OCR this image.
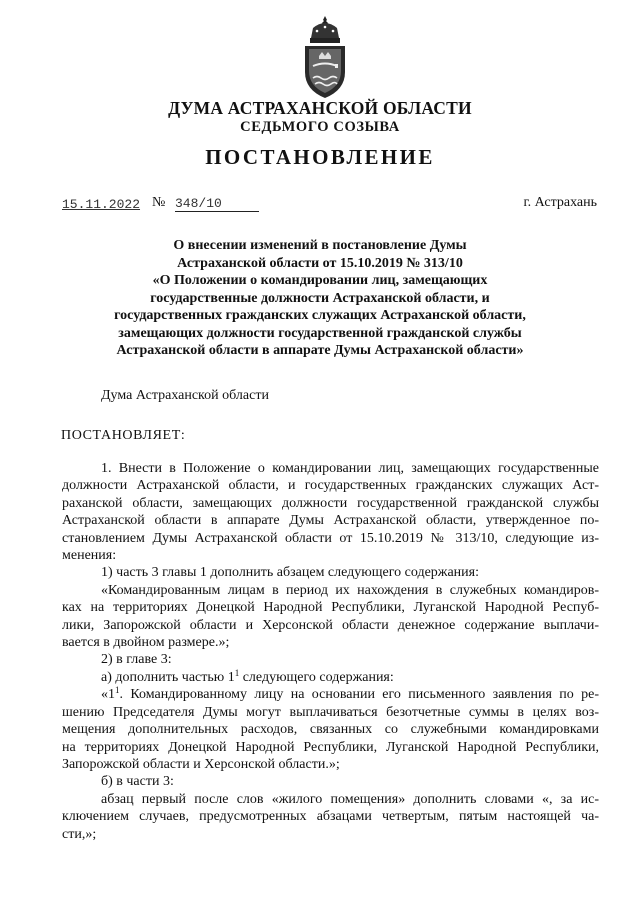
ДУМА АСТРАХАНСКОЙ ОБЛАСТИ
СЕДЬМОГО СОЗЫВА
ПОСТАНОВЛЕНИЕ
15.11.2022 № 348/10	г. Астрахань
О внесении изменений в постановление Думы
Астраханской области от 15.10.2019 № 313/10
«О Положении о командировании лиц, замещающих
государственные должности Астраханской области, и
государственных гражданских служащих Астраханской области,
замещающих должности государственной гражданской службы
Астраханской области в аппарате Думы Астраханской области»
Дума Астраханской области
ПОСТАНОВЛЯЕТ:
1. Внести в Положение о командировании лиц, замещающих государственные
должности Астраханской области, и государственных гражданских служащих Аст-
раханской области, замещающих должности государственной гражданской службы
Астраханской области в аппарате Думы Астраханской области, утвержденное по-
становлением Думы Астраханской области от 15.10.2019 № 313/10, следующие из-
менения:
1) часть 3 главы 1 дополнить абзацем следующего содержания:
«Командированным лицам в период их нахождения в служебных командиров-
ках на территориях Донецкой Народной Республики, Луганской Народной Респуб-
лики, Запорожской области и Херсонской области денежное содержание выплачи-
вается в двойном размере.»;
2) в главе 3:
а) дополнить частью $1^1$ следующего содержания:
«$1^1$. Командированному лицу на основании его письменного заявления по ре-
шению Председателя Думы могут выплачиваться безотчетные суммы в целях воз-
мещения дополнительных расходов, связанных со служебными командировками
на территориях Донецкой Народной Республики, Луганской Народной Республики,
Запорожской области и Херсонской области.»;
б) в части 3:
абзац первый после слов «жилого помещения» дополнить словами «, за ис-
ключением случаев, предусмотренных абзацами четвертым, пятым настоящей ча-
сти,»;
